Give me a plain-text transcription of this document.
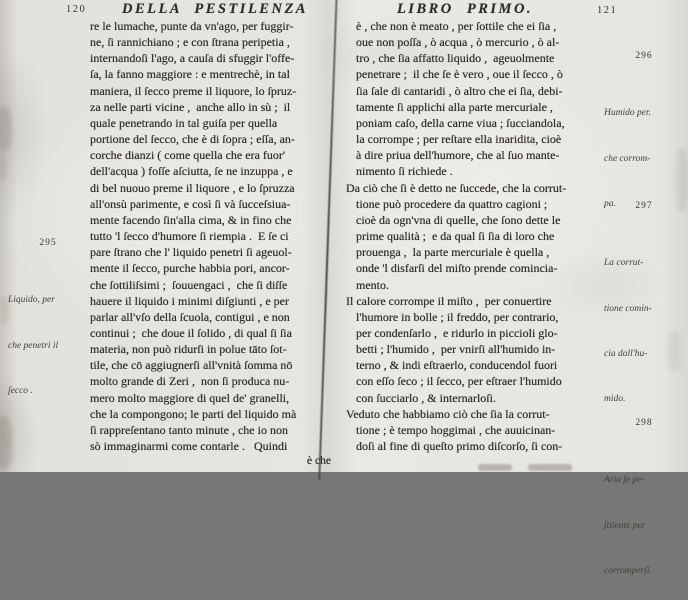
120	DELLA PESTILENZA
re le lumache, punte da vn'ago, per fuggir-
ne, ſi rannichiano ; e con ſtrana peripetia ,
internandoſi l'ago, a cauſa di sfuggir l'offe-
ſa, la fanno maggiore : e mentrechè, in tal
maniera, il ſecco preme il liquore, lo ſpruz-
za nelle parti vicine ,  anche allo in sù ;  il
quale penetrando in tal guiſa per quella
portione del ſecco, che è di ſopra ; eſſa, an-
corche dianzi ( come quella che era fuor'
dell'acqua ) foſſe aſciutta, ſe ne inzuppa , e
di bel nuouo preme il liquore , e lo ſpruzza
all'onsù parimente, e così ſi và ſucceſsiua-
mente facendo ſin'alla cima, & in fino che
tutto 'l ſecco d'humore ſi riempia .  E ſe ci
pare ſtrano che l' liquido penetri ſi ageuol-
mente il ſecco, purche habbia pori, ancor-
che ſottiliſsimi ;  ſouuengaci ,  che ſi diſſe
hauere il liquido i minimi diſgiunti , e per
parlar all'vſo della ſcuola, contigui , e non
continui ;  che doue il ſolido , di qual ſi ſia
materia, non può ridurſi in polue tāto ſot-
tile, che cō aggiugnerſi all'vnità ſomma nō
molto grande di Zeri ,  non ſi produca nu-
mero molto maggiore di quel de' granelli,
che la compongono; le parti del liquido mà
ſi rappreſentano tanto minute , che io non
sò immaginarmi come contarle .   Quindi
è che
295

Liquido, per

che penetri il

ſecco .

LIBRO PRIMO.	121
è , che non è meato , per ſottile che ei ſia ,
oue non poſſa , ò acqua , ò mercurio , ò al-
tro , che ſia affatto liquido ,  ageuolmente
penetrare ;  il che ſe è vero , oue il ſecco , ò
ſia ſale di cantaridi , ò altro che ei ſia, debi-
tamente ſi applichi alla parte mercuriale ,
poniam caſo, della carne viua ; ſucciandola,
la corrompe ; per reſtare ella inaridita, cioè
à dire priua dell'humore, che al ſuo mante-
nimento ſi richiede .
Da ciò che ſi è detto ne ſuccede, che la corrut-
tione può procedere da quattro cagioni ;
cioè da ogn'vna di quelle, che ſono dette le
prime qualità ;  e da qual ſi ſia di loro che
prouenga ,  la parte mercuriale è quella ,
onde 'l disfarſi del miſto prende comincia-
mento.
Il calore corrompe il miſto ,  per conuertire
l'humore in bolle ; il freddo, per contrario,
per condenſarlo ,  e ridurlo in piccioli glo-
betti ; l'humido ,  per vnirſi all'humido in-
terno , & indi eſtraerlo, conducendol fuori
con eſſo ſeco ; il ſecco, per eſtraer l'humido
con ſucciarlo , & internarloſi.
Veduto che habbiamo ciò che ſia la corrut-
tione ; è tempo hoggimai , che auuicinan-
doſi al fine di queſto primo diſcorſo, ſi con-
296

Humido per.

che corrom-

pa.

	297

La corrut-

tione comin-

cia dall'hu-

mido.

298

Aria ſe pe-

ſtilente per

corromperſi.
